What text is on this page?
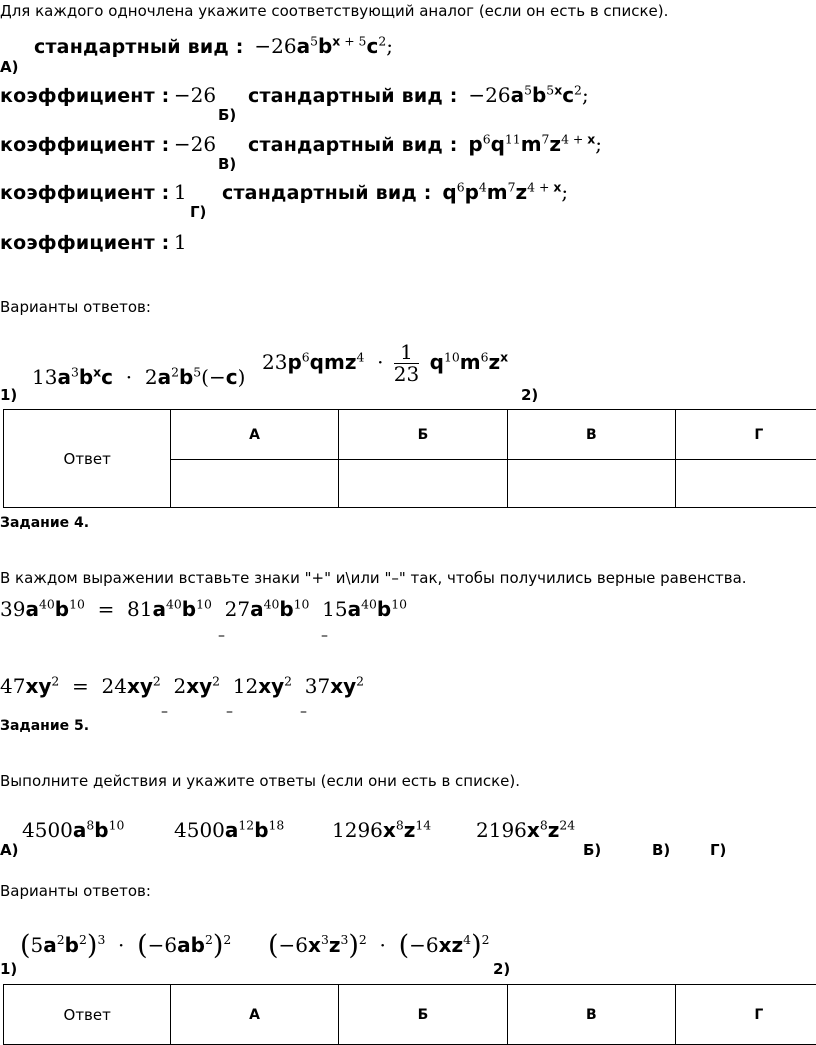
Для каждого одночлена укажите соответствующий аналог (если он есть в списке).
стандартный вид :  $-26a^5b^{x + 5}c^2$;
А)
коэффициент : −26 стандартный вид :  $-26a^5b^{5x}c^2$;
Б)
коэффициент : −26 стандартный вид : $p^6q^{11}m^7z^{4 + x}$;
В)
коэффициент : 1 стандартный вид : $q^6p^4m^7z^{4 + x}$;
Г)
коэффициент : 1
Варианты ответов:
$13a^3b^xc \cdot 2a^2b^5(-c)$
$23p^6qmz^4 \cdot \frac{1}{23} q^{10}m^6z^x$
1)	2)
Ответ	А	Б	В	Г

Задание 4.
В каждом выражении вставьте знаки "+" и\или "–" так, чтобы получились верные равенства.
$39a^{40}b^{10} = 81a^{40}b^{10}$  $27a^{40}b^{10}$  $15a^{40}b^{10}$
–	–
$47xy^2 = 24xy^2$  $2xy^2$  $12xy^2$  $37xy^2$
–	–	–
Задание 5.
Выполните действия и укажите ответы (если они есть в списке).
$4500a^8b^{10}$ $4500a^{12}b^{18}$ $1296x^8z^{14}$ $2196x^8z^{24}$
А)	Б)	В)	Г)
Варианты ответов:
$(5a^2b^2)^3 \cdot (-6ab^2)^2$ $(-6x^3z^3)^2 \cdot (-6xz^4)^2$
1)	2)
Ответ	А	Б	В	Г
